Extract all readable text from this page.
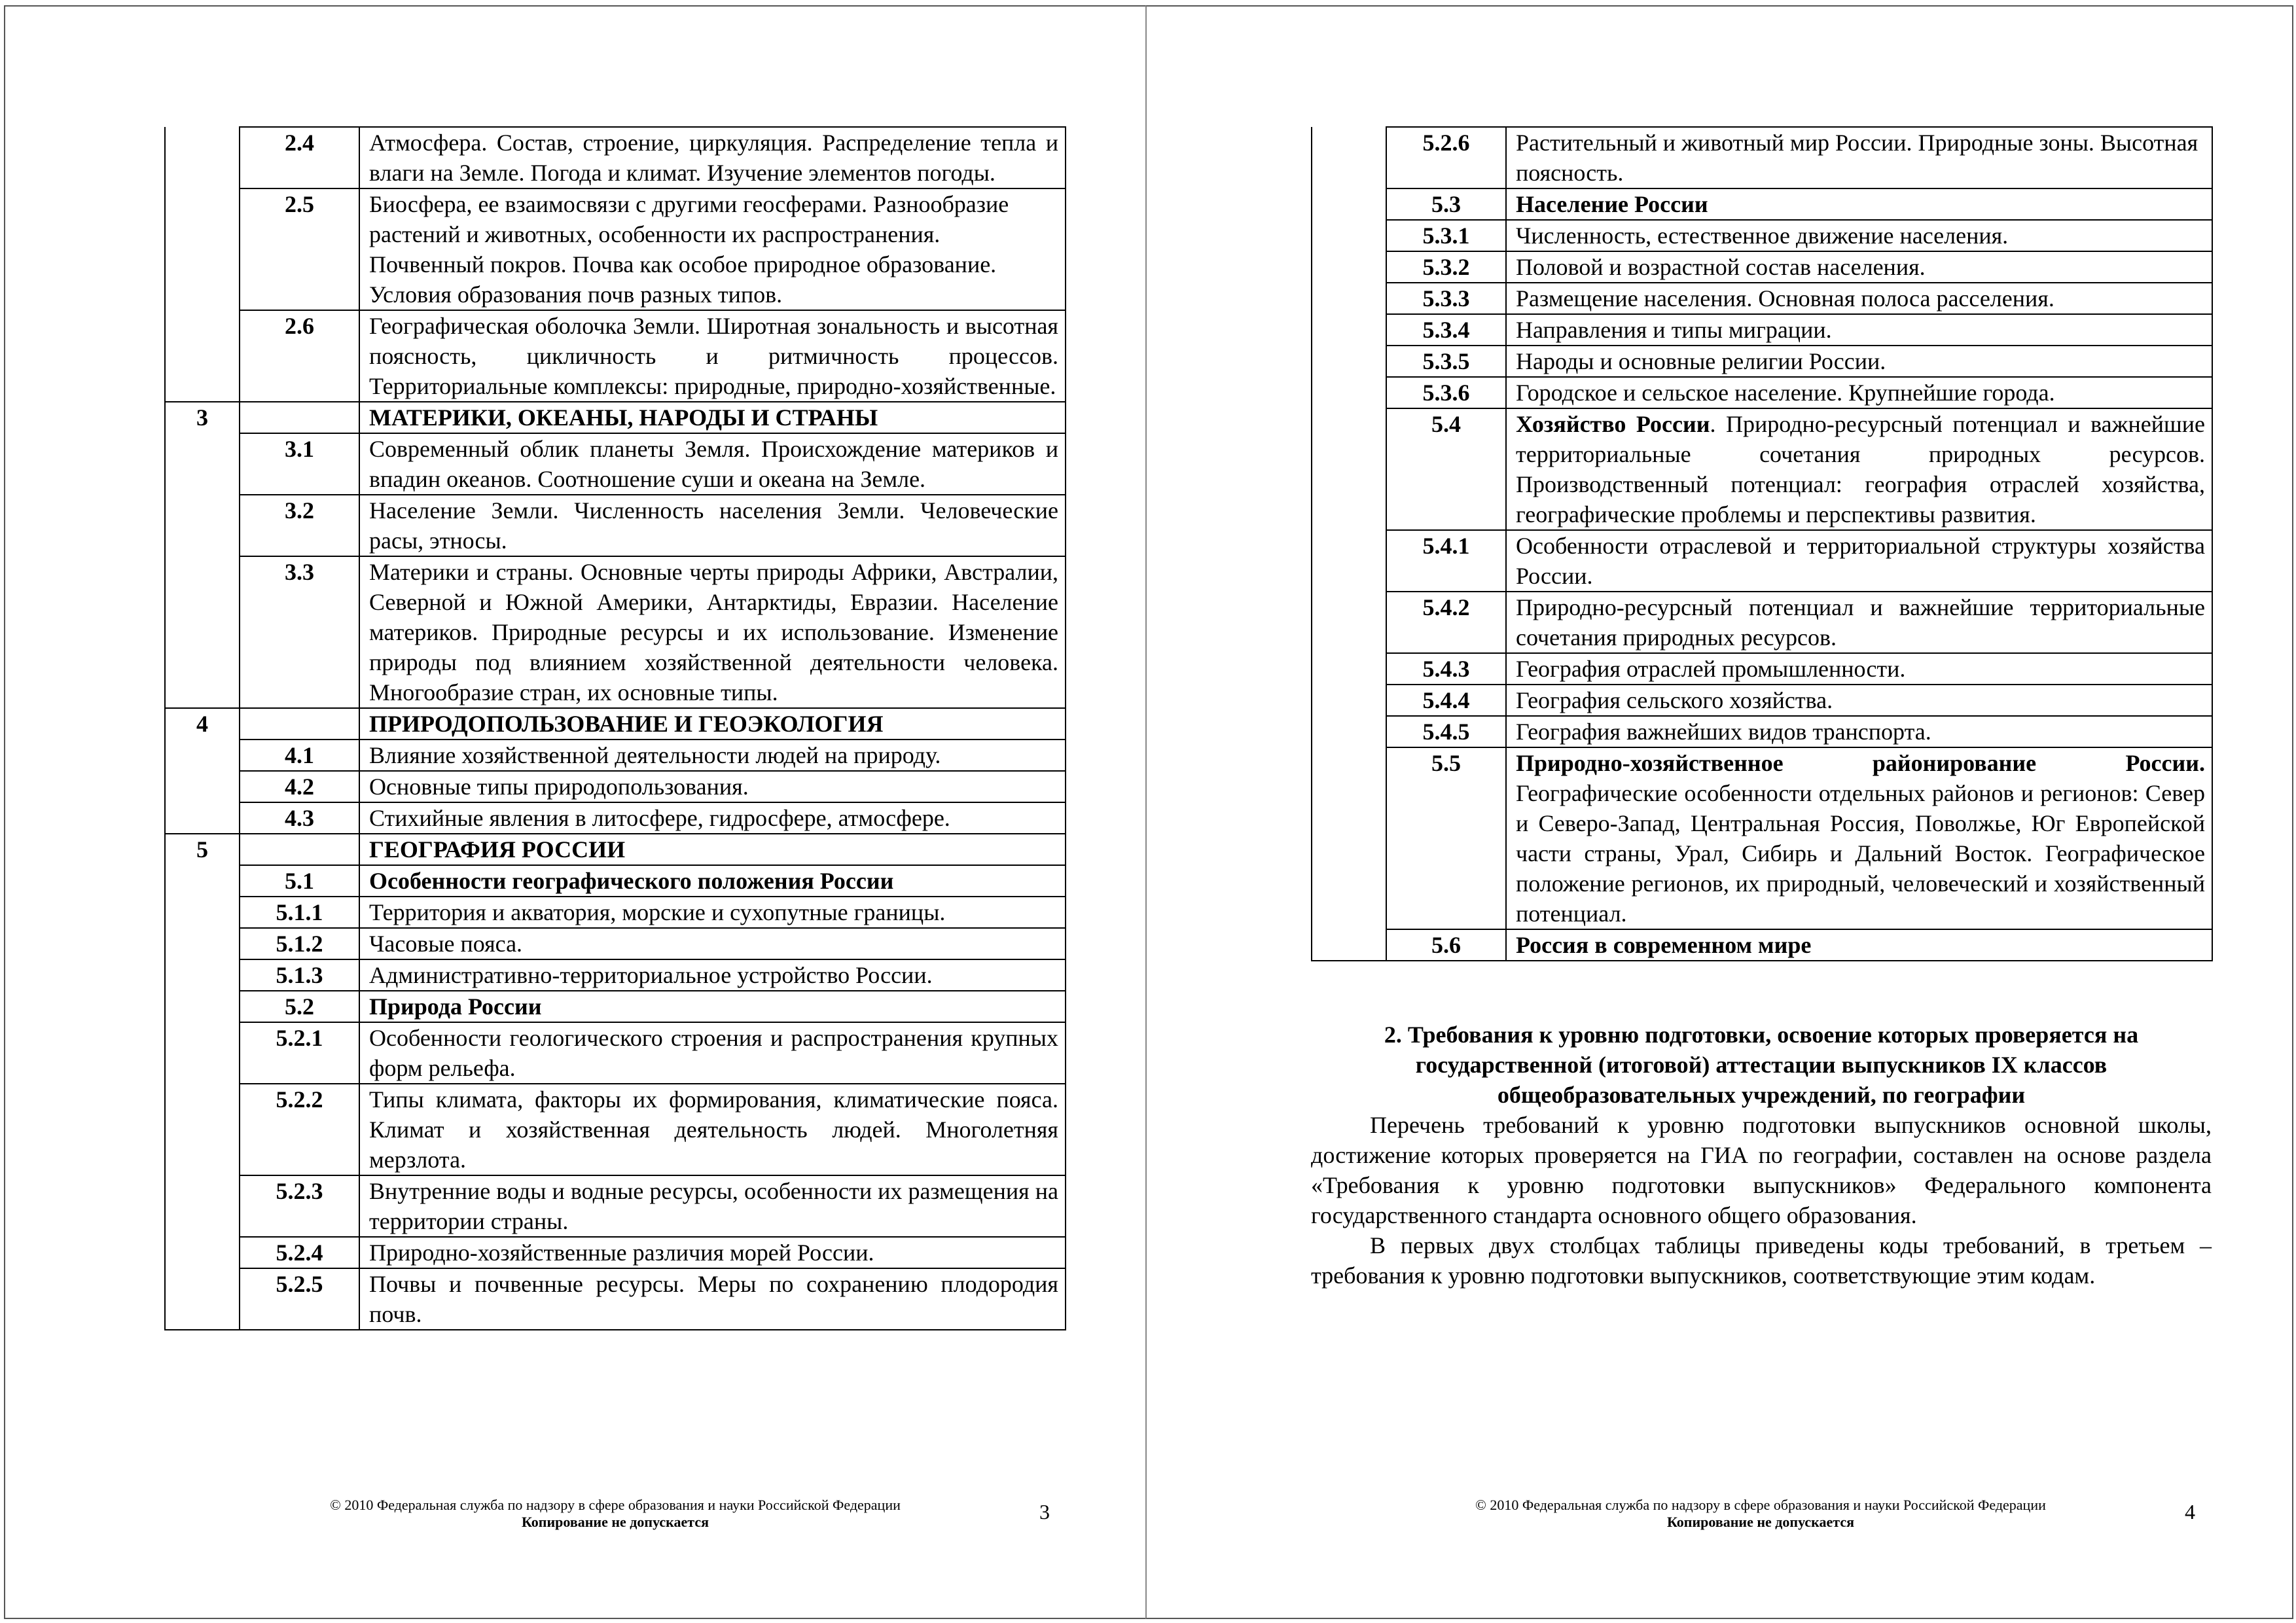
	2.4	Атмосфера. Состав, строение, циркуляция. Распределение тепла и влаги на Земле. Погода и климат. Изучение элементов погоды.
	2.5	Биосфера, ее взаимосвязи с другими геосферами. Разнообразие растений и животных, особенности их распространения. Почвенный покров. Почва как особое природное образование. Условия образования почв разных типов.
	2.6	Географическая оболочка Земли. Широтная зональность и высотная поясность, цикличность и ритмичность процессов. Территориальные комплексы: природные, природно-хозяйственные.
3		МАТЕРИКИ, ОКЕАНЫ, НАРОДЫ И СТРАНЫ
	3.1	Современный облик планеты Земля. Происхождение материков и впадин океанов. Соотношение суши и океана на Земле.
	3.2	Население Земли. Численность населения Земли. Человеческие расы, этносы.
	3.3	Материки и страны. Основные черты природы Африки, Австралии, Северной и Южной Америки, Антарктиды, Евразии. Население материков. Природные ресурсы и их использование. Изменение природы под влиянием хозяйственной деятельности человека. Многообразие стран, их основные типы.
4		ПРИРОДОПОЛЬЗОВАНИЕ И ГЕОЭКОЛОГИЯ
	4.1	Влияние хозяйственной деятельности людей на природу.
	4.2	Основные типы природопользования.
	4.3	Стихийные явления в литосфере, гидросфере, атмосфере.
5		ГЕОГРАФИЯ РОССИИ
	5.1	Особенности географического положения России
	5.1.1	Территория и акватория, морские и сухопутные границы.
	5.1.2	Часовые пояса.
	5.1.3	Административно-территориальное устройство России.
	5.2	Природа России
	5.2.1	Особенности геологического строения и распространения крупных форм рельефа.
	5.2.2	Типы климата, факторы их формирования, климатические пояса. Климат и хозяйственная деятельность людей. Многолетняя мерзлота.
	5.2.3	Внутренние воды и водные ресурсы, особенности их размещения на территории страны.
	5.2.4	Природно-хозяйственные различия морей России.
	5.2.5	Почвы и почвенные ресурсы. Меры по сохранению плодородия почв.
	5.2.6	Растительный и животный мир России. Природные зоны. Высотная поясность.
	5.3	Население России
	5.3.1	Численность, естественное движение населения.
	5.3.2	Половой и возрастной состав населения.
	5.3.3	Размещение населения. Основная полоса расселения.
	5.3.4	Направления и типы миграции.
	5.3.5	Народы и основные религии России.
	5.3.6	Городское и сельское население. Крупнейшие города.
	5.4	Хозяйство России. Природно-ресурсный потенциал и важнейшие территориальные сочетания природных ресурсов. Производственный потенциал: география отраслей хозяйства, географические проблемы и перспективы развития.
	5.4.1	Особенности отраслевой и территориальной структуры хозяйства России.
	5.4.2	Природно-ресурсный потенциал и важнейшие территориальные сочетания природных ресурсов.
	5.4.3	География отраслей промышленности.
	5.4.4	География сельского хозяйства.
	5.4.5	География важнейших видов транспорта.
	5.5	Природно-хозяйственное районирование России. Географические особенности отдельных районов и регионов: Север и Северо-Запад, Центральная Россия, Поволжье, Юг Европейской части страны, Урал, Сибирь и Дальний Восток. Географическое положение регионов, их природный, человеческий и хозяйственный потенциал.
	5.6	Россия в современном мире
© 2010 Федеральная служба по надзору в сфере образования и науки Российской Федерации
Копирование не допускается	3
2. Требования к уровню подготовки, освоение которых проверяется на государственной (итоговой) аттестации выпускников IX классов общеобразовательных учреждений, по географии
Перечень требований к уровню подготовки выпускников основной школы, достижение которых проверяется на ГИА по географии, составлен на основе раздела «Требования к уровню подготовки выпускников» Федерального компонента государственного стандарта основного общего образования.
В первых двух столбцах таблицы приведены коды требований, в третьем – требования к уровню подготовки выпускников, соответствующие этим кодам.
© 2010 Федеральная служба по надзору в сфере образования и науки Российской Федерации
Копирование не допускается	4
